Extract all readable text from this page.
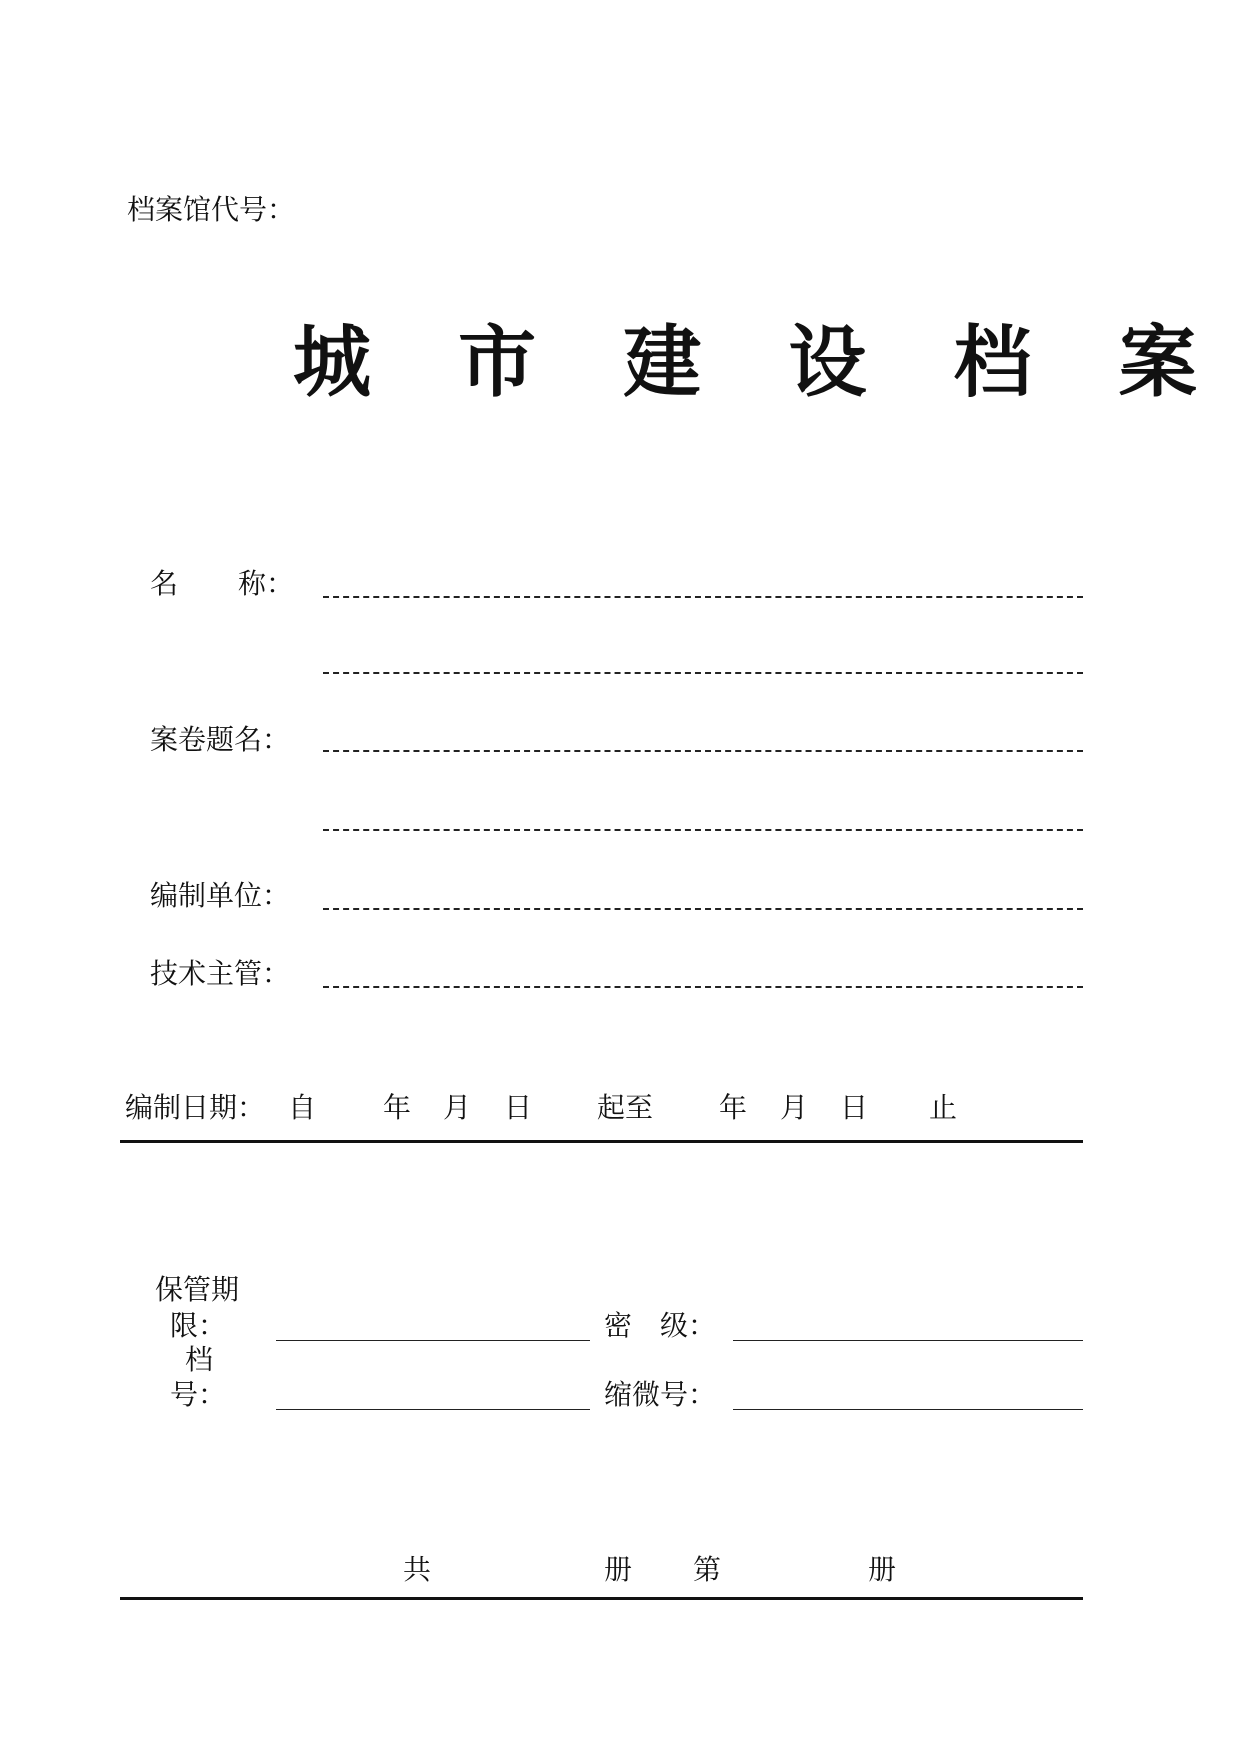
档案馆代号：
城 市 建 设 档 案
名 称：
案卷题名：
编制单位：
技术主管：
编制日期： 自 年 月 日 起至 年 月 日 止
保管期
限：	密　级：
档
号：	缩微号：
共	册 第	册
